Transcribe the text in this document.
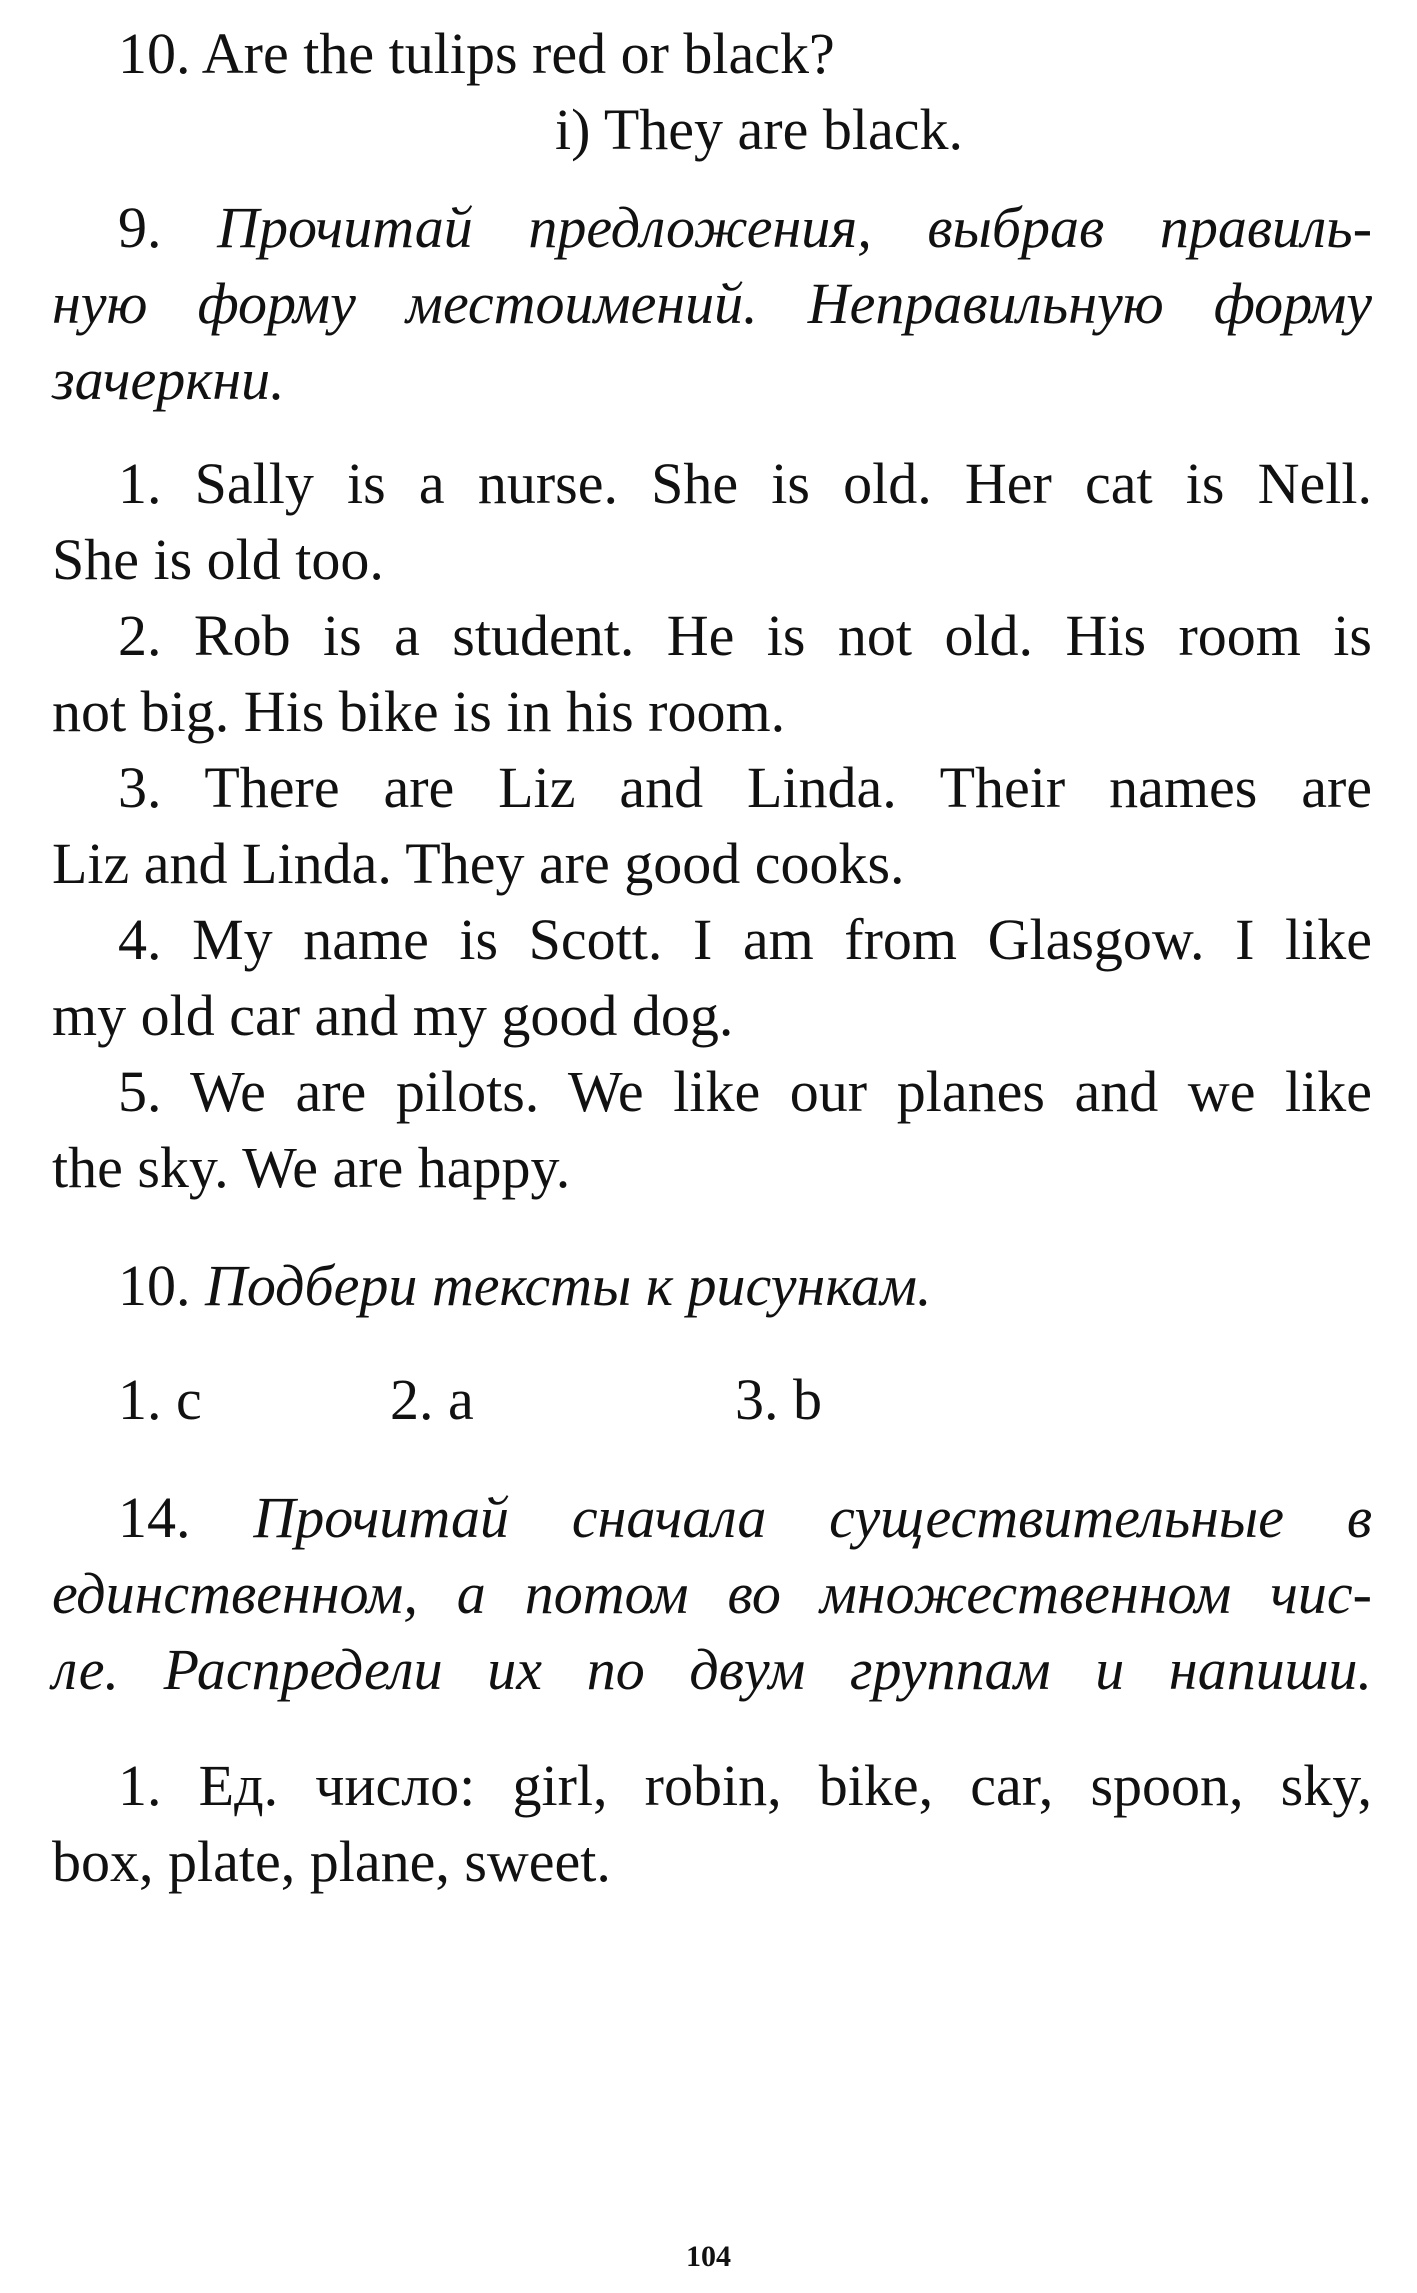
10. Are the tulips red or black?
i) They are black.
9. Прочитай предложения, выбрав правиль-
ную форму местоимений. Неправильную форму
зачеркни.
1. Sally is a nurse. She is old. Her cat is Nell.
She is old too.
2. Rob is a student. He is not old. His room is
not big. His bike is in his room.
3. There are Liz and Linda. Their names are
Liz and Linda. They are good cooks.
4. My name is Scott. I am from Glasgow. I like
my old car and my good dog.
5. We are pilots. We like our planes and we like
the sky. We are happy.
10. Подбери тексты к рисункам.
1. c	2. a	3. b
14. Прочитай сначала существительные в
единственном, а потом во множественном чис-
ле. Распредели их по двум группам и напиши.
1. Ед. число: girl, robin, bike, car, spoon, sky,
box, plate, plane, sweet.
104
